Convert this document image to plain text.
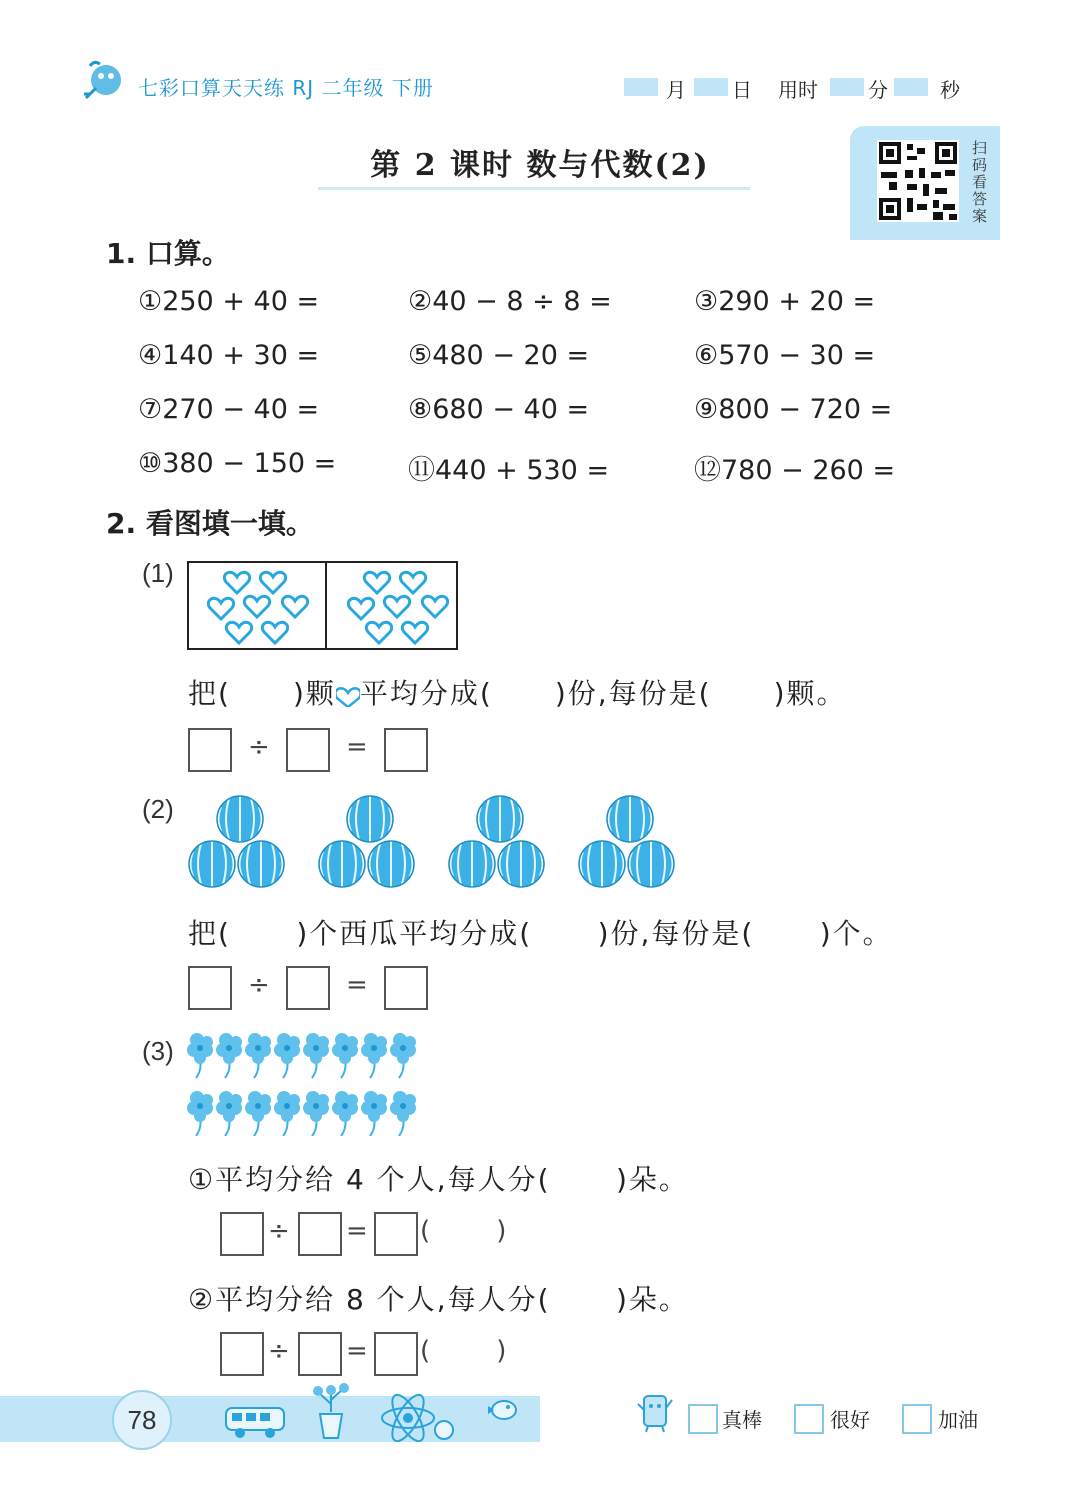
七彩口算天天练 RJ 二年级 下册	月 日 用时	分	秒
第 2 课时 数与代数(2)	扫码看答案
1. 口算。
①250 + 40 =	②40 − 8 ÷ 8 =	③290 + 20 =
④140 + 30 =	⑤480 − 20 =	⑥570 − 30 =
⑦270 − 40 =	⑧680 − 40 =	⑨800 − 720 =
⑩380 − 150 =	⑪440 + 530 =	⑫780 − 260 =
2. 看图填一填。
(1)
把( )颗 平均分成( )份,每份是( )颗。
÷	=
(2)
把(      )个西瓜平均分成(      )份,每份是(      )个。
÷	=
(3)
①平均分给 4 个人,每人分(      )朵。
÷ = (        )
②平均分给 8 个人,每人分(      )朵。
÷ = (        )
78	真棒	很好	加油
